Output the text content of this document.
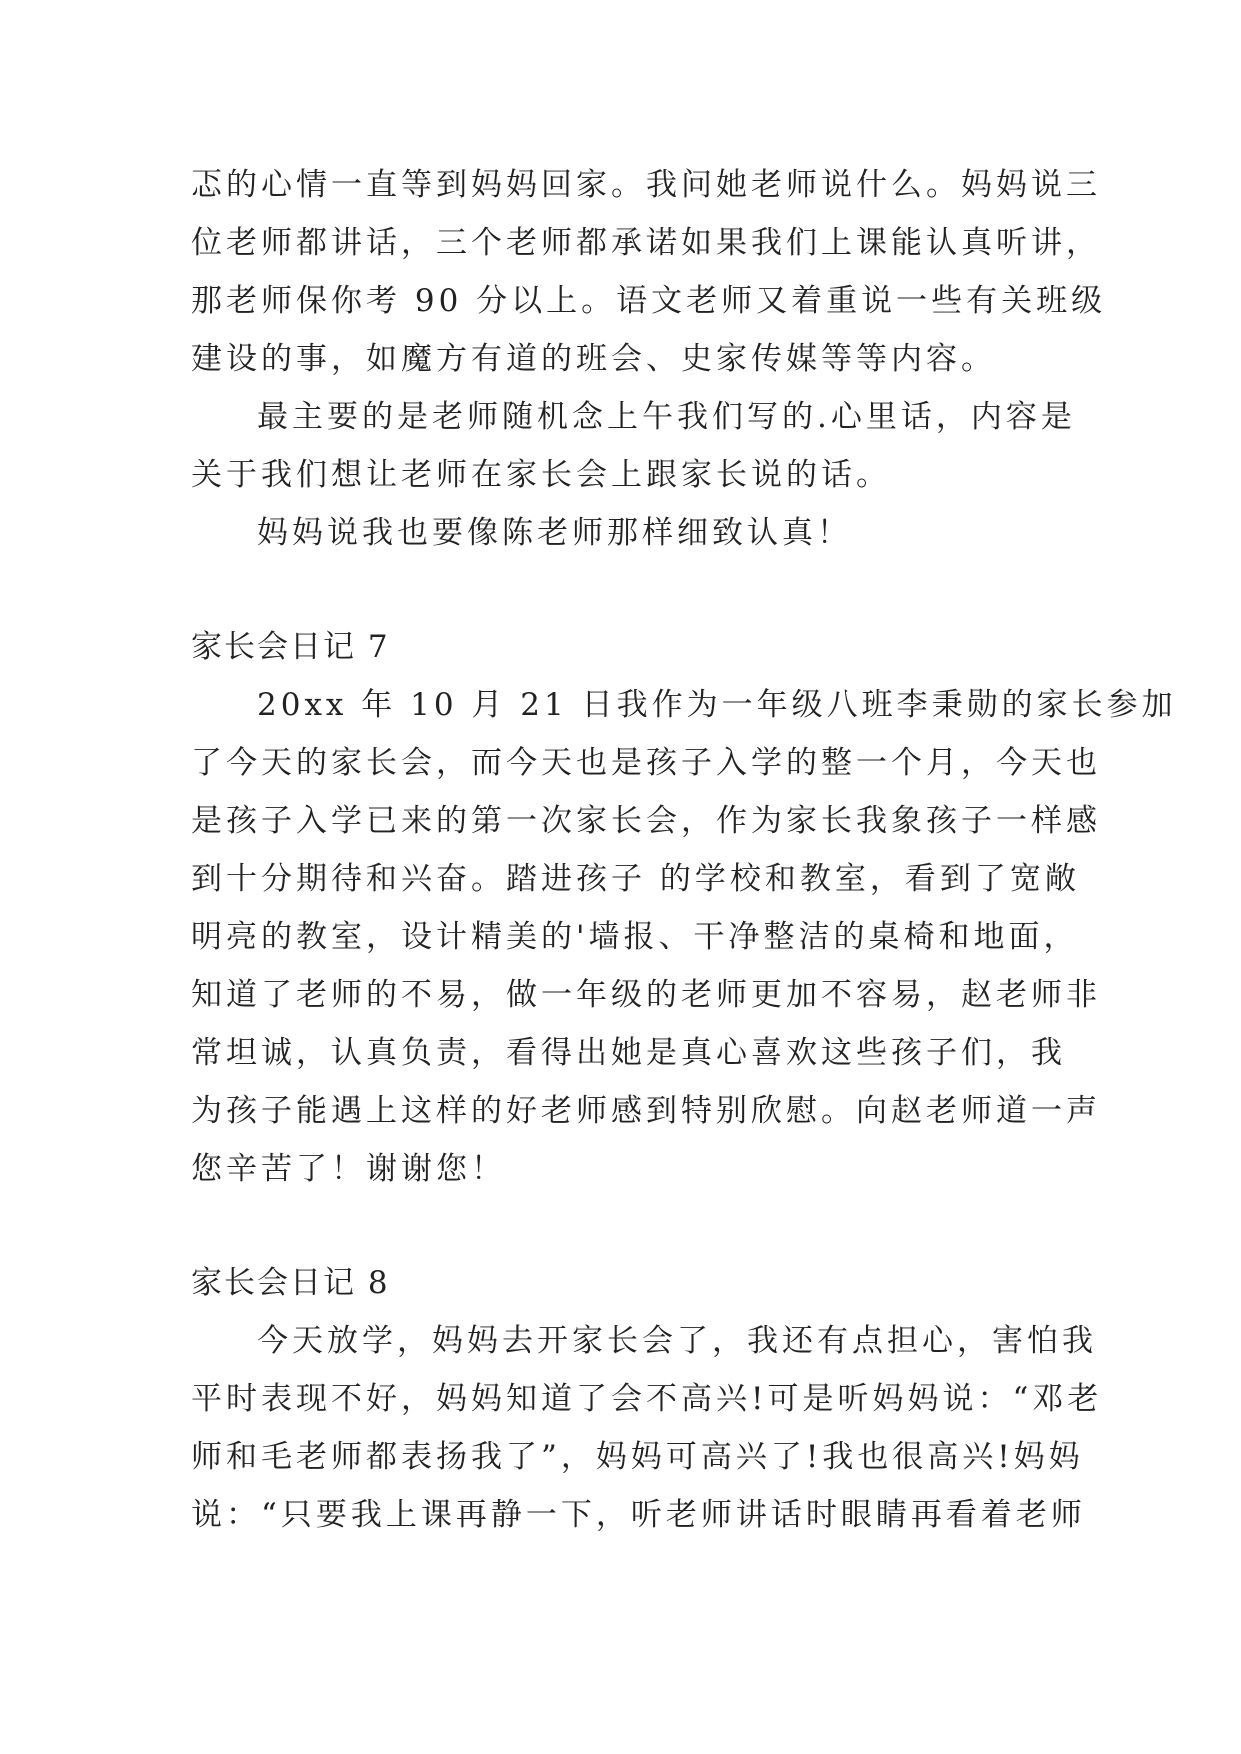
忑的心情一直等到妈妈回家。我问她老师说什么。妈妈说三
位老师都讲话，三个老师都承诺如果我们上课能认真听讲，
那老师保你考 90 分以上。语文老师又着重说一些有关班级
建设的事，如魔方有道的班会、史家传媒等等内容。

最主要的是老师随机念上午我们写的.心里话，内容是
关于我们想让老师在家长会上跟家长说的话。

妈妈说我也要像陈老师那样细致认真！

家长会日记 7

20xx 年 10 月 21 日我作为一年级八班李秉勋的家长参加
了今天的家长会，而今天也是孩子入学的整一个月，今天也
是孩子入学已来的第一次家长会，作为家长我象孩子一样感
到十分期待和兴奋。踏进孩子 的学校和教室，看到了宽敞
明亮的教室，设计精美的'墙报、干净整洁的桌椅和地面，
知道了老师的不易，做一年级的老师更加不容易，赵老师非
常坦诚，认真负责，看得出她是真心喜欢这些孩子们，我
为孩子能遇上这样的好老师感到特别欣慰。向赵老师道一声
您辛苦了！谢谢您！

家长会日记 8

今天放学，妈妈去开家长会了，我还有点担心，害怕我
平时表现不好，妈妈知道了会不高兴!可是听妈妈说：“邓老
师和毛老师都表扬我了”，妈妈可高兴了!我也很高兴!妈妈
说：“只要我上课再静一下，听老师讲话时眼睛再看着老师
